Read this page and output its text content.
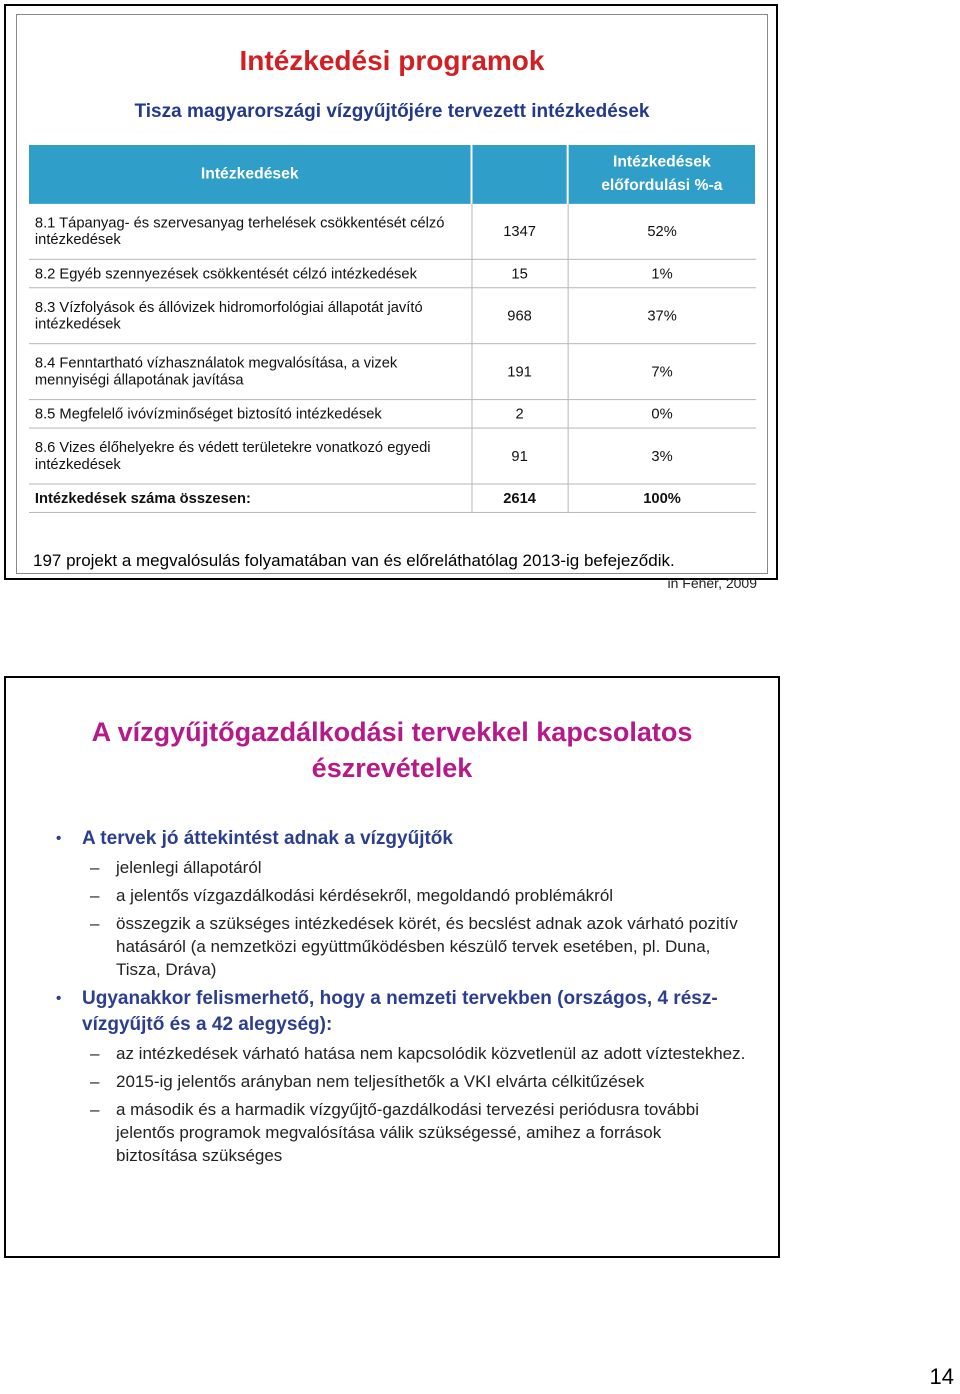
Intézkedési programok
Tisza magyarországi vízgyűjtőjére tervezett intézkedések
Intézkedések		Intézkedések előfordulási %-a
8.1 Tápanyag- és szervesanyag terhelések csökkentését célzó intézkedések	1347	52%
8.2 Egyéb szennyezések csökkentését célzó intézkedések	15	1%
8.3 Vízfolyások és állóvizek hidromorfológiai állapotát javító intézkedések	968	37%
8.4 Fenntartható vízhasználatok megvalósítása, a vizek mennyiségi állapotának javítása	191	7%
8.5 Megfelelő ivóvízminőséget biztosító intézkedések	2	0%
8.6 Vizes élőhelyekre és védett területekre vonatkozó egyedi intézkedések	91	3%
Intézkedések száma összesen:	2614	100%
197 projekt a megvalósulás folyamatában van és előreláthatólag 2013-ig befejeződik.
in Fehér, 2009
A vízgyűjtőgazdálkodási tervekkel kapcsolatos
észrevételek
• A tervek jó áttekintést adnak a vízgyűjtők
– jelenlegi állapotáról
– a jelentős vízgazdálkodási kérdésekről, megoldandó problémákról
– összegzik a szükséges intézkedések körét, és becslést adnak azok várható pozitív hatásáról (a nemzetközi együttműködésben készülő tervek esetében, pl. Duna, Tisza, Dráva)
• Ugyanakkor felismerhető, hogy a nemzeti tervekben (országos, 4 rész-vízgyűjtő és a 42 alegység):
– az intézkedések várható hatása nem kapcsolódik közvetlenül az adott víztestekhez.
– 2015-ig jelentős arányban nem teljesíthetők a VKI elvárta célkitűzések
– a második és a harmadik vízgyűjtő-gazdálkodási tervezési periódusra további jelentős programok megvalósítása válik szükségessé, amihez a források biztosítása szükséges
14
